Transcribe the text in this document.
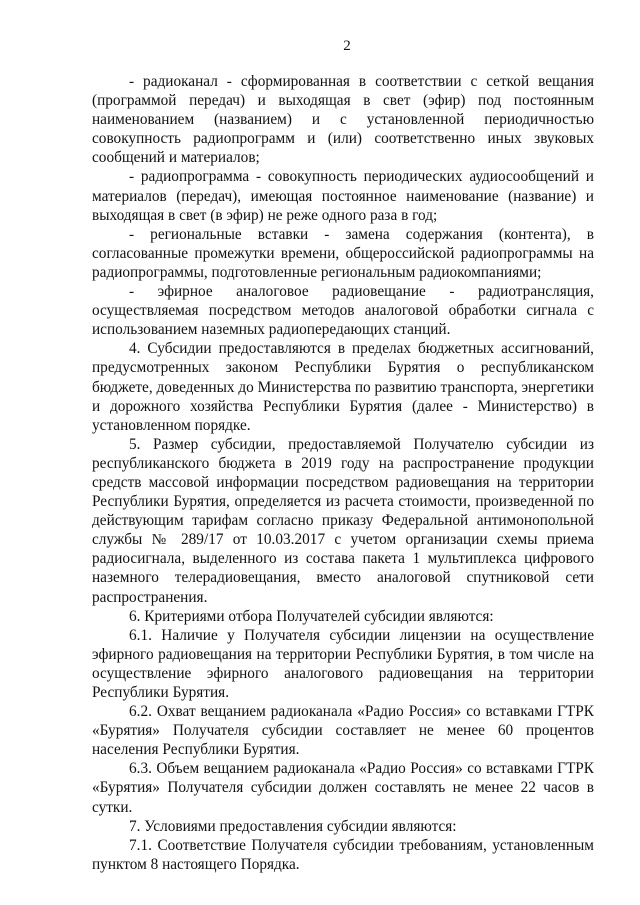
2

- радиоканал - сформированная в соответствии с сеткой вещания (программой передач) и выходящая в свет (эфир) под постоянным наименованием (названием) и с установленной периодичностью совокупность радиопрограмм и (или) соответственно иных звуковых сообщений и материалов;

- радиопрограмма - совокупность периодических аудиосообщений и материалов (передач), имеющая постоянное наименование (название) и выходящая в свет (в эфир) не реже одного раза в год;

- региональные вставки - замена содержания (контента), в согласованные промежутки времени, общероссийской радиопрограммы на радиопрограммы, подготовленные региональным радиокомпаниями;

- эфирное аналоговое радиовещание - радиотрансляция, осуществляемая посредством методов аналоговой обработки сигнала с использованием наземных радиопередающих станций.

4. Субсидии предоставляются в пределах бюджетных ассигнований, предусмотренных законом Республики Бурятия о республиканском бюджете, доведенных до Министерства по развитию транспорта, энергетики и дорожного хозяйства Республики Бурятия (далее - Министерство) в установленном порядке.

5. Размер субсидии, предоставляемой Получателю субсидии из республиканского бюджета в 2019 году на распространение продукции средств массовой информации посредством радиовещания на территории Республики Бурятия, определяется из расчета стоимости, произведенной по действующим тарифам согласно приказу Федеральной антимонопольной службы № 289/17 от 10.03.2017 с учетом организации схемы приема радиосигнала, выделенного из состава пакета 1 мультиплекса цифрового наземного телерадиовещания, вместо аналоговой спутниковой сети распространения.

6. Критериями отбора Получателей субсидии являются:

6.1. Наличие у Получателя субсидии лицензии на осуществление эфирного радиовещания на территории Республики Бурятия, в том числе на осуществление эфирного аналогового радиовещания на территории Республики Бурятия.

6.2. Охват вещанием радиоканала «Радио Россия» со вставками ГТРК «Бурятия» Получателя субсидии составляет не менее 60 процентов населения Республики Бурятия.

6.3. Объем вещанием радиоканала «Радио Россия» со вставками ГТРК «Бурятия» Получателя субсидии должен составлять не менее 22 часов в сутки.

7. Условиями предоставления субсидии являются:

7.1. Соответствие Получателя субсидии требованиям, установленным пунктом 8 настоящего Порядка.
